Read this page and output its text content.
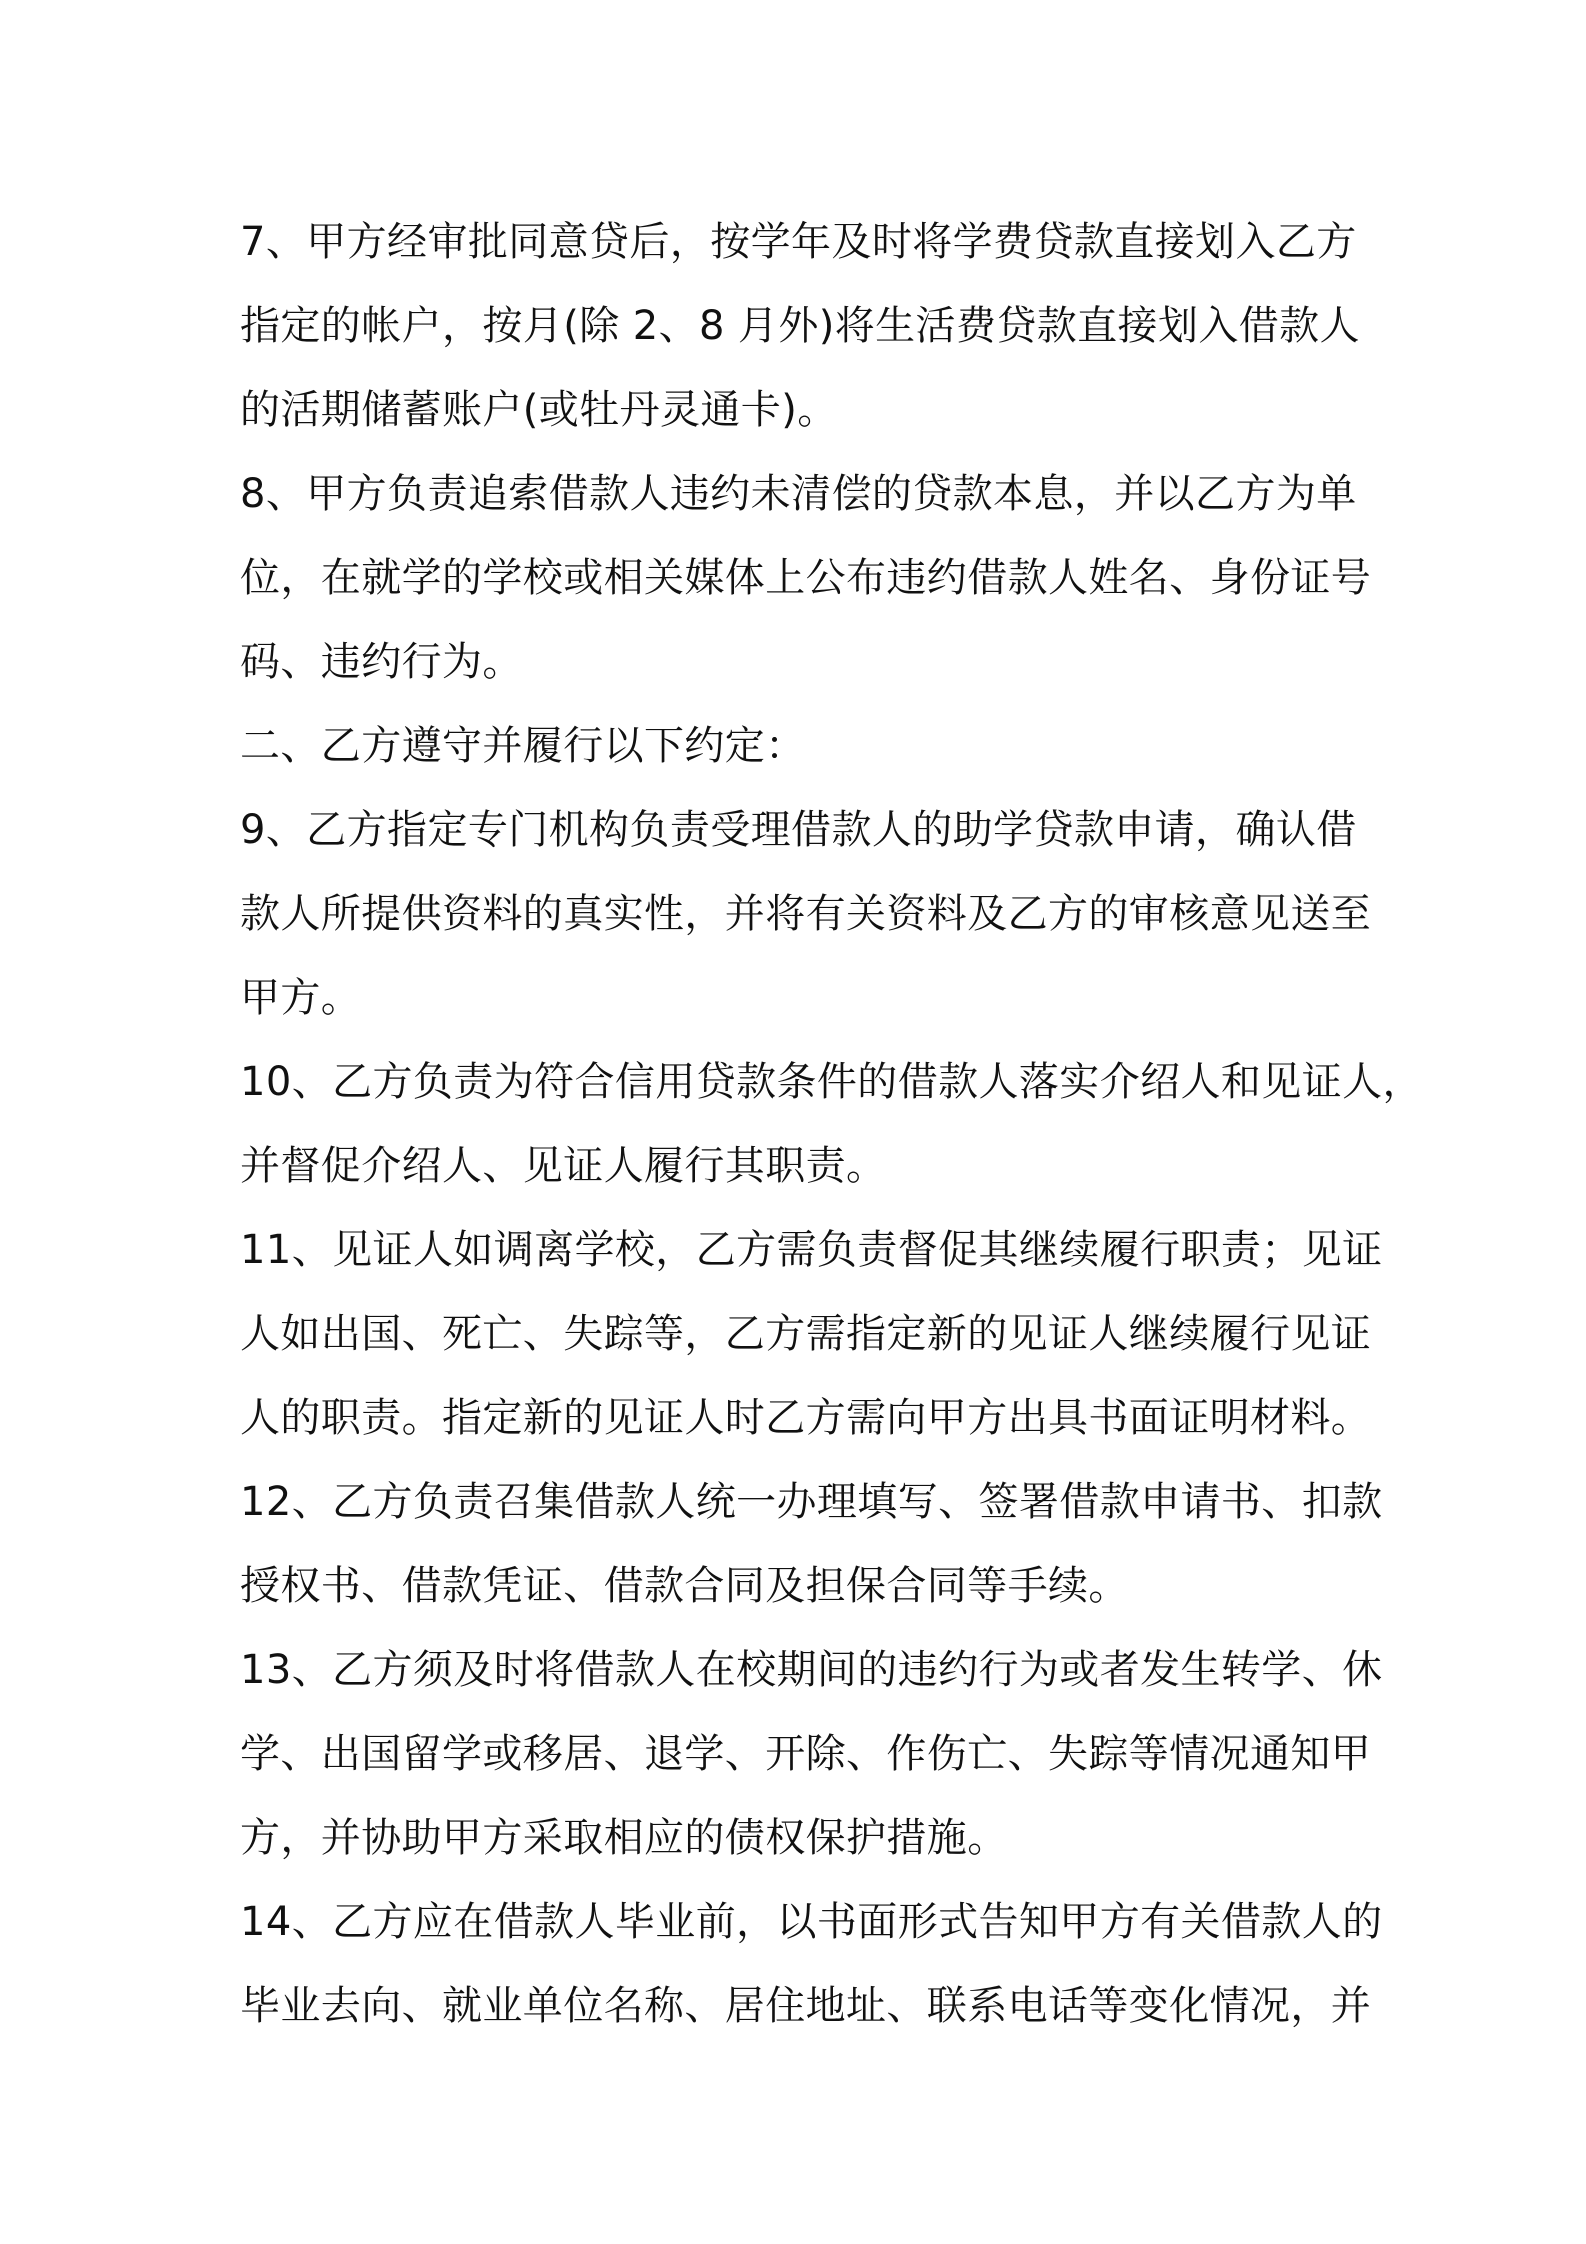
7、甲方经审批同意贷后，按学年及时将学费贷款直接划入乙方
指定的帐户，按月(除 2、8 月外)将生活费贷款直接划入借款人
的活期储蓄账户(或牡丹灵通卡)。
8、甲方负责追索借款人违约未清偿的贷款本息，并以乙方为单
位，在就学的学校或相关媒体上公布违约借款人姓名、身份证号
码、违约行为。
二、乙方遵守并履行以下约定：
9、乙方指定专门机构负责受理借款人的助学贷款申请，确认借
款人所提供资料的真实性，并将有关资料及乙方的审核意见送至
甲方。
10、乙方负责为符合信用贷款条件的借款人落实介绍人和见证人，
并督促介绍人、见证人履行其职责。
11、见证人如调离学校，乙方需负责督促其继续履行职责；见证
人如出国、死亡、失踪等，乙方需指定新的见证人继续履行见证
人的职责。指定新的见证人时乙方需向甲方出具书面证明材料。
12、乙方负责召集借款人统一办理填写、签署借款申请书、扣款
授权书、借款凭证、借款合同及担保合同等手续。
13、乙方须及时将借款人在校期间的违约行为或者发生转学、休
学、出国留学或移居、退学、开除、作伤亡、失踪等情况通知甲
方，并协助甲方采取相应的债权保护措施。
14、乙方应在借款人毕业前，以书面形式告知甲方有关借款人的
毕业去向、就业单位名称、居住地址、联系电话等变化情况，并
